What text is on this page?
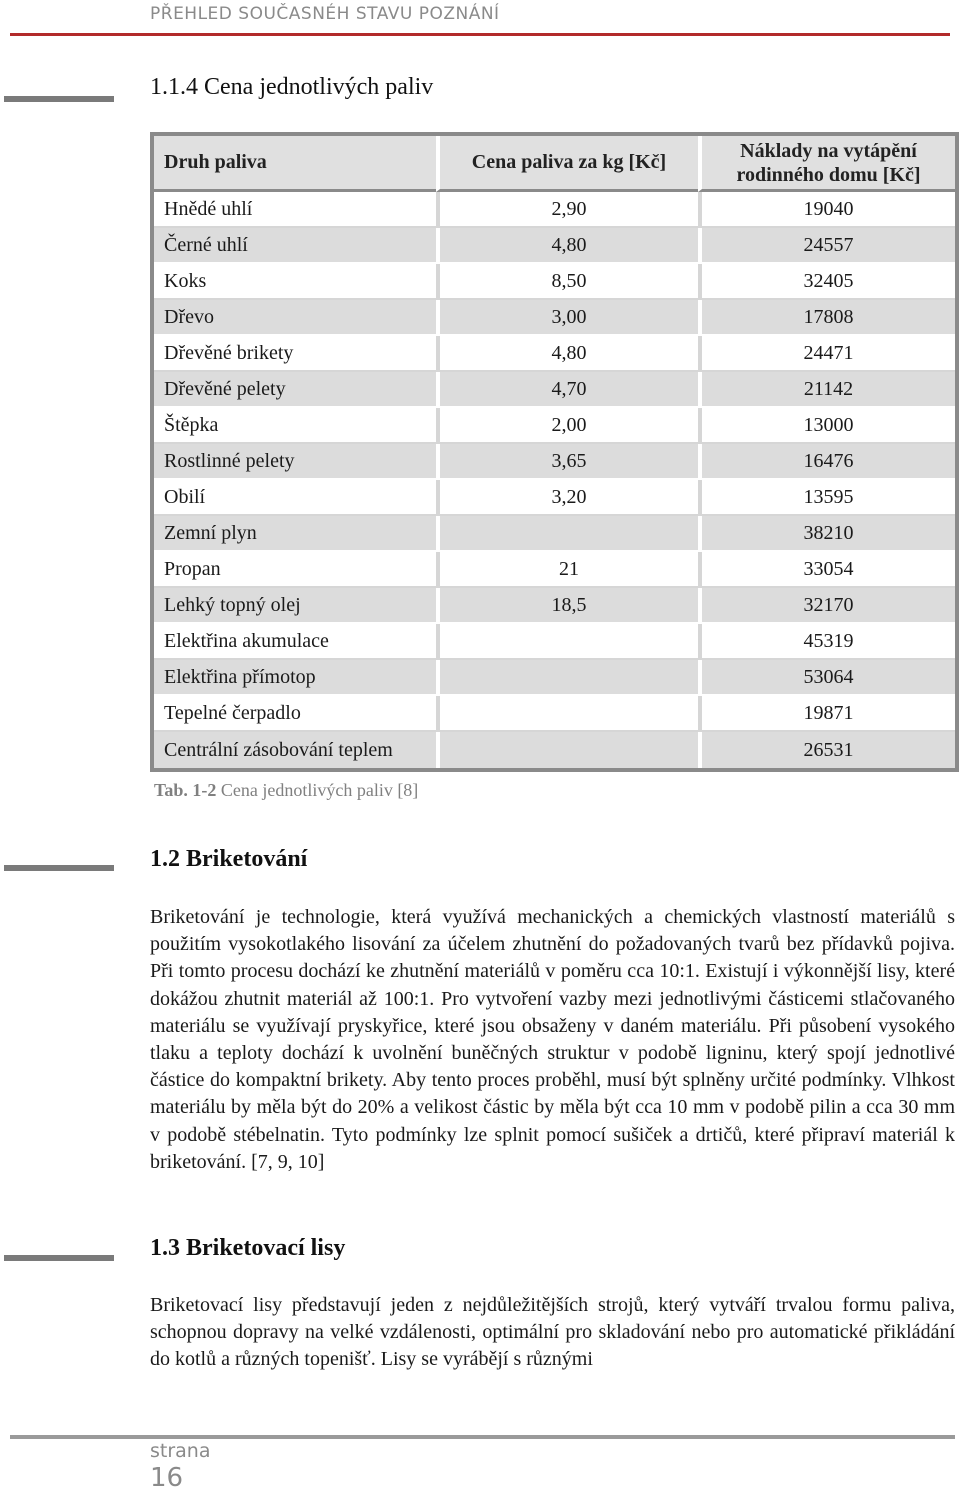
PŘEHLED SOUČASNÉH STAVU POZNÁNÍ
1.1.4 Cena jednotlivých paliv
Druh paliva	Cena paliva za kg [Kč]	Náklady na vytápění
rodinného domu [Kč]
Hnědé uhlí	2,90	19040
Černé uhlí	4,80	24557
Koks	8,50	32405
Dřevo	3,00	17808
Dřevěné brikety	4,80	24471
Dřevěné pelety	4,70	21142
Štěpka	2,00	13000
Rostlinné pelety	3,65	16476
Obilí	3,20	13595
Zemní plyn		38210
Propan	21	33054
Lehký topný olej	18,5	32170
Elektřina akumulace		45319
Elektřina přímotop		53064
Tepelné čerpadlo		19871
Centrální zásobování teplem		26531
Tab. 1-2 Cena jednotlivých paliv [8]
1.2 Briketování

Briketování je technologie, která využívá mechanických a chemických vlastností materiálů s použitím vysokotlakého lisování za účelem zhutnění do požadovaných tvarů bez přídavků pojiva. Při tomto procesu dochází ke zhutnění materiálů v poměru cca 10:1. Existují i výkonnější lisy, které dokážou zhutnit materiál až 100:1. Pro vytvoření vazby mezi jednotlivými částicemi stlačovaného materiálu se využívají pryskyřice, které jsou obsaženy v daném materiálu. Při působení vysokého tlaku a teploty dochází k uvolnění buněčných struktur v podobě ligninu, který spojí jednotlivé částice do kompaktní brikety. Aby tento proces proběhl, musí být splněny určité podmínky. Vlhkost materiálu by měla být do 20% a velikost částic by měla být cca 10 mm v podobě pilin a cca 30 mm v podobě stébelnatin. Tyto podmínky lze splnit pomocí sušiček a drtičů, které připraví materiál k briketování. [7, 9, 10]

1.3 Briketovací lisy

Briketovací lisy představují jeden z nejdůležitějších strojů, který vytváří trvalou formu paliva, schopnou dopravy na velké vzdálenosti, optimální pro skladování nebo pro automatické přikládání do kotlů a různých topenišť. Lisy se vyrábějí s různými

strana
16
